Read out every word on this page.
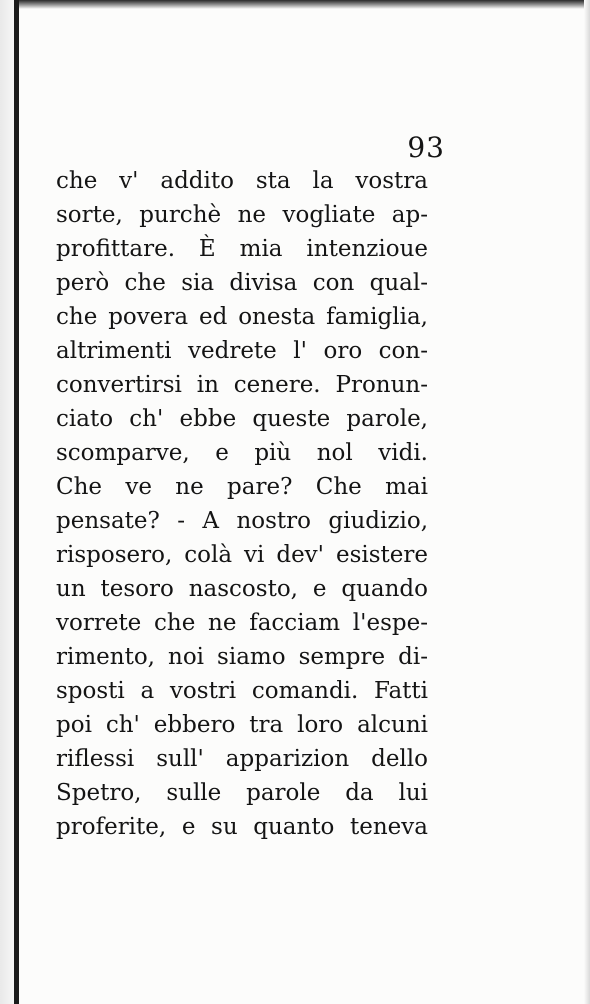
93
che v' addito sta la vostra
sorte, purchè ne vogliate ap-
profittare. È mia intenzioue
però che sia divisa con qual-
che povera ed onesta famiglia,
altrimenti vedrete l' oro con-
convertirsi in cenere. Pronun-
ciato ch' ebbe queste parole,
scomparve, e più nol vidi.
Che ve ne pare? Che mai
pensate? - A nostro giudizio,
risposero, colà vi dev' esistere
un tesoro nascosto, e quando
vorrete che ne facciam l'espe-
rimento, noi siamo sempre di-
sposti a vostri comandi. Fatti
poi ch' ebbero tra loro alcuni
riflessi sull' apparizion dello
Spetro, sulle parole da lui
proferite, e su quanto teneva
